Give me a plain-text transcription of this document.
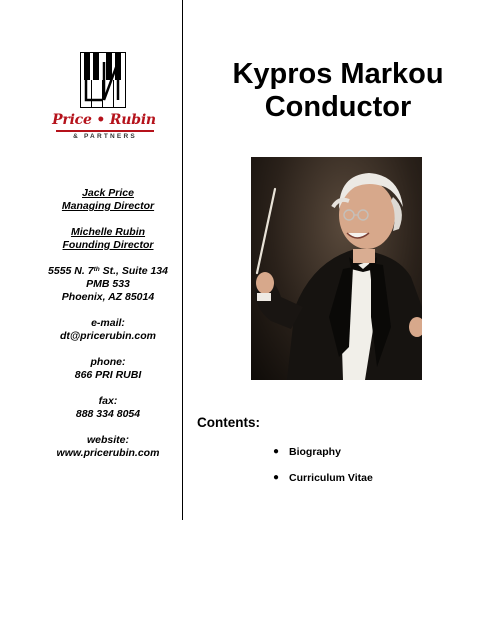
Price • Rubin
& PARTNERS
Jack Price
Managing Director
Michelle Rubin
Founding Director
5555 N. 7th St., Suite 134
PMB 533
Phoenix, AZ 85014
e-mail:
dt@pricerubin.com
phone:
866 PRI RUBI
fax:
888 334 8054
website:
www.pricerubin.com
Kypros Markou
Conductor
Contents:
● Biography
● Curriculum Vitae
